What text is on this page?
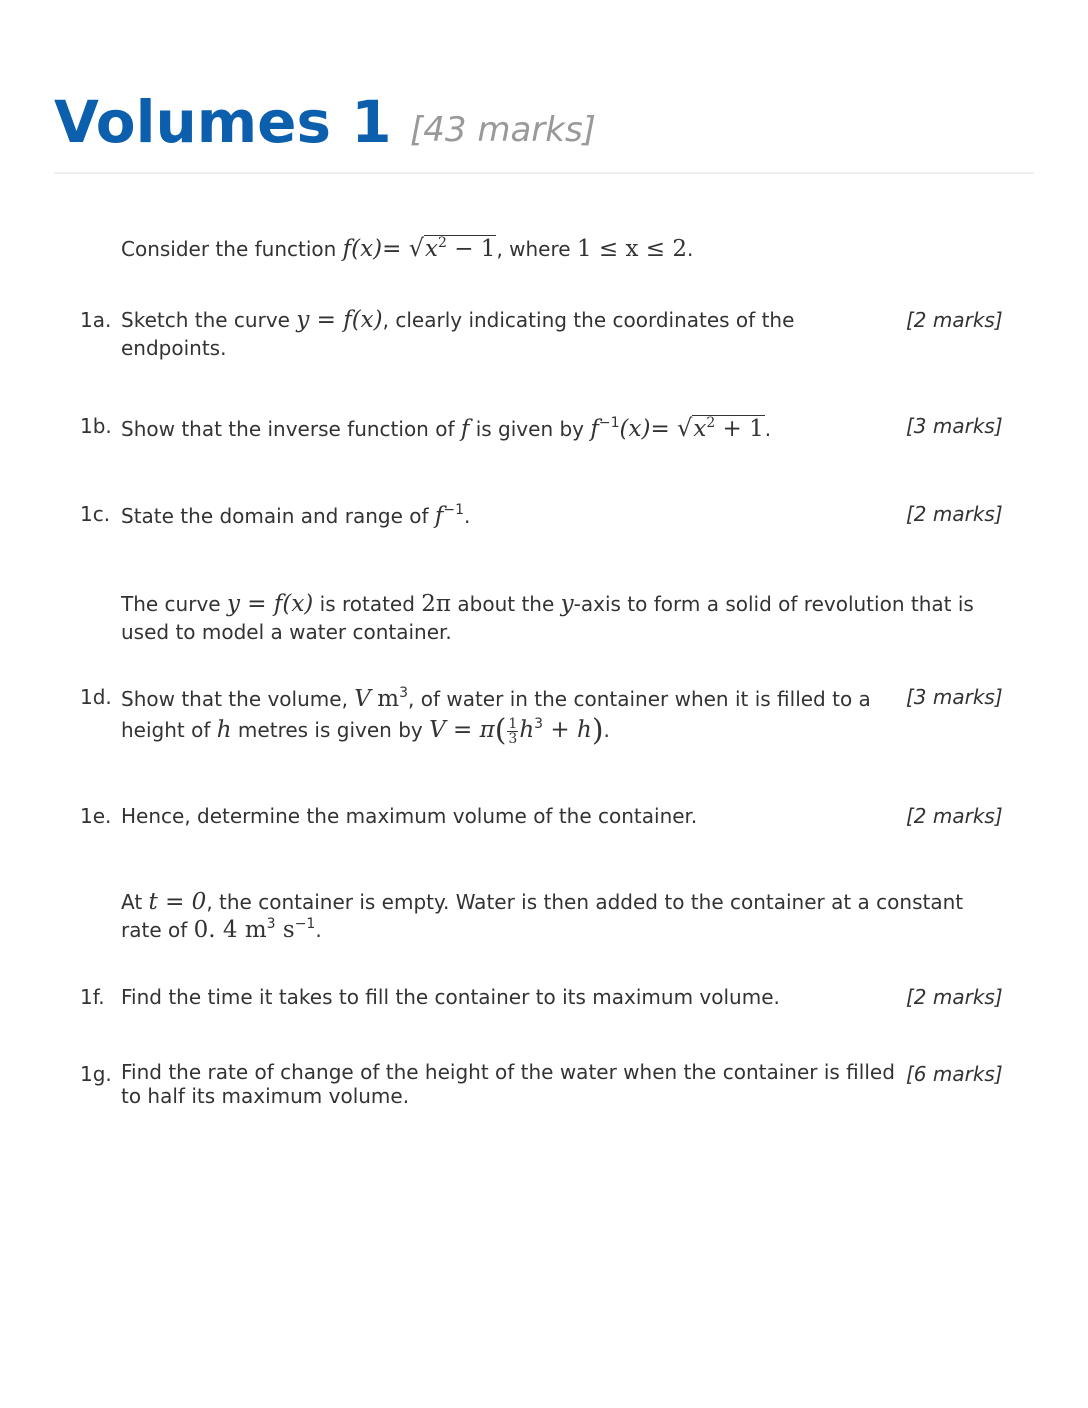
Volumes 1 [43 marks]
Consider the function $f(x)= √x^2 - 1$, where 1 ≤ x ≤ 2.
1a. Sketch the curve y = f(x), clearly indicating the coordinates of the endpoints.
[2 marks]
1b. Show that the inverse function of f is given by $f^{-1}(x)= √x^2 + 1$.	[3 marks]
1c. State the domain and range of $f^{-1}$.	[2 marks]
The curve y = f(x) is rotated 2π about the y-axis to form a solid of revolution that is used to model a water container.
1d. Show that the volume, V $m^3$, of water in the container when it is filled to a height of h metres is given by $V = \pi( \frac{1}{3} h^3 + h)$.
[3 marks]
1e. Hence, determine the maximum volume of the container.	[2 marks]
At t = 0, the container is empty. Water is then added to the container at a constant rate of 0. 4 $m^3$ $s^{-1}$.
1f. Find the time it takes to fill the container to its maximum volume.	[2 marks]
1g. Find the rate of change of the height of the water when the container is filled to half its maximum volume.
[6 marks]
